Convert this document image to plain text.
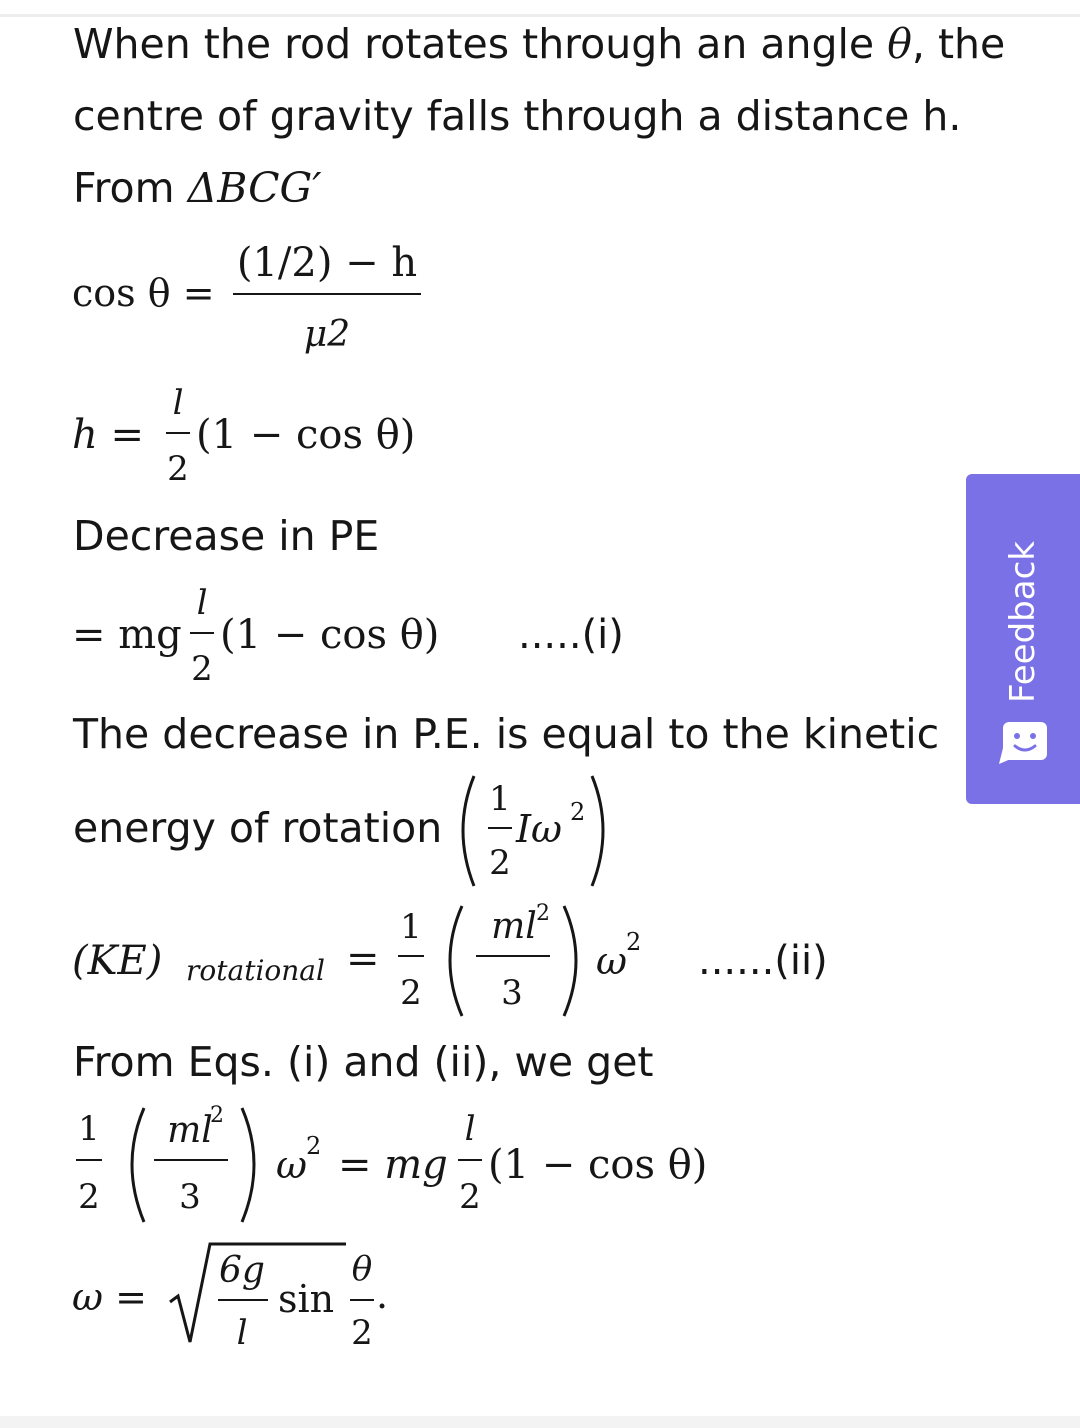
When the rod rotates through an angle θ, the
centre of gravity falls through a distance h.
From ΔBCG′
cos θ =
(1/2) − h
μ2
h =
l
2
(1 − cos θ)
Decrease in PE
= mg
l
2
(1 − cos θ) .....(i)
The decrease in P.E. is equal to the kinetic
energy of rotation
1
2
Iω 2
(KE) rotational =
1
2
ml 2
3
ω 2 ......(ii)
From Eqs. (i) and (ii), we get
1
2
ml
2
3
ω 2 = mg
l
2
(1 − cos θ)
ω =
6g
l
sin
θ
2
.
Feedback
